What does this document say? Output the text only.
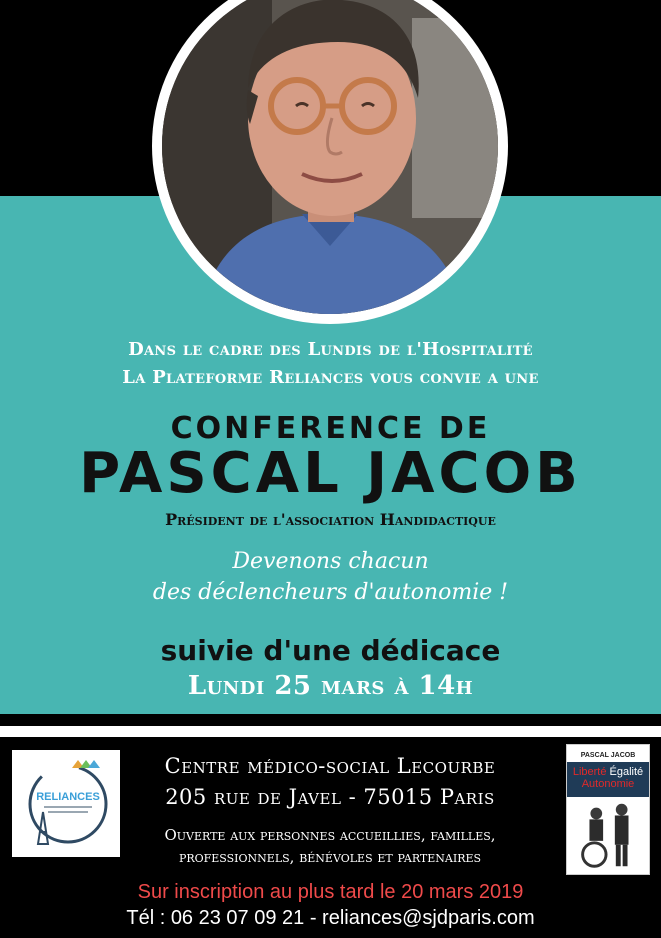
Dans le cadre des Lundis de l'Hospitalité
La Plateforme Reliances vous convie a une
CONFERENCE DE
PASCAL JACOB
Président de l'association Handidactique
Devenons chacun
des déclencheurs d'autonomie !
suivie d'une dédicace
Lundi 25 mars à 14h
RELIANCES
Centre médico-social Lecourbe
205 rue de Javel - 75015 Paris
Ouverte aux personnes accueillies, familles,
professionnels, bénévoles et partenaires
PASCAL JACOB
Liberté Égalité
Autonomie
Sur inscription au plus tard le 20 mars 2019
Tél : 06 23 07 09 21 - reliances@sjdparis.com
